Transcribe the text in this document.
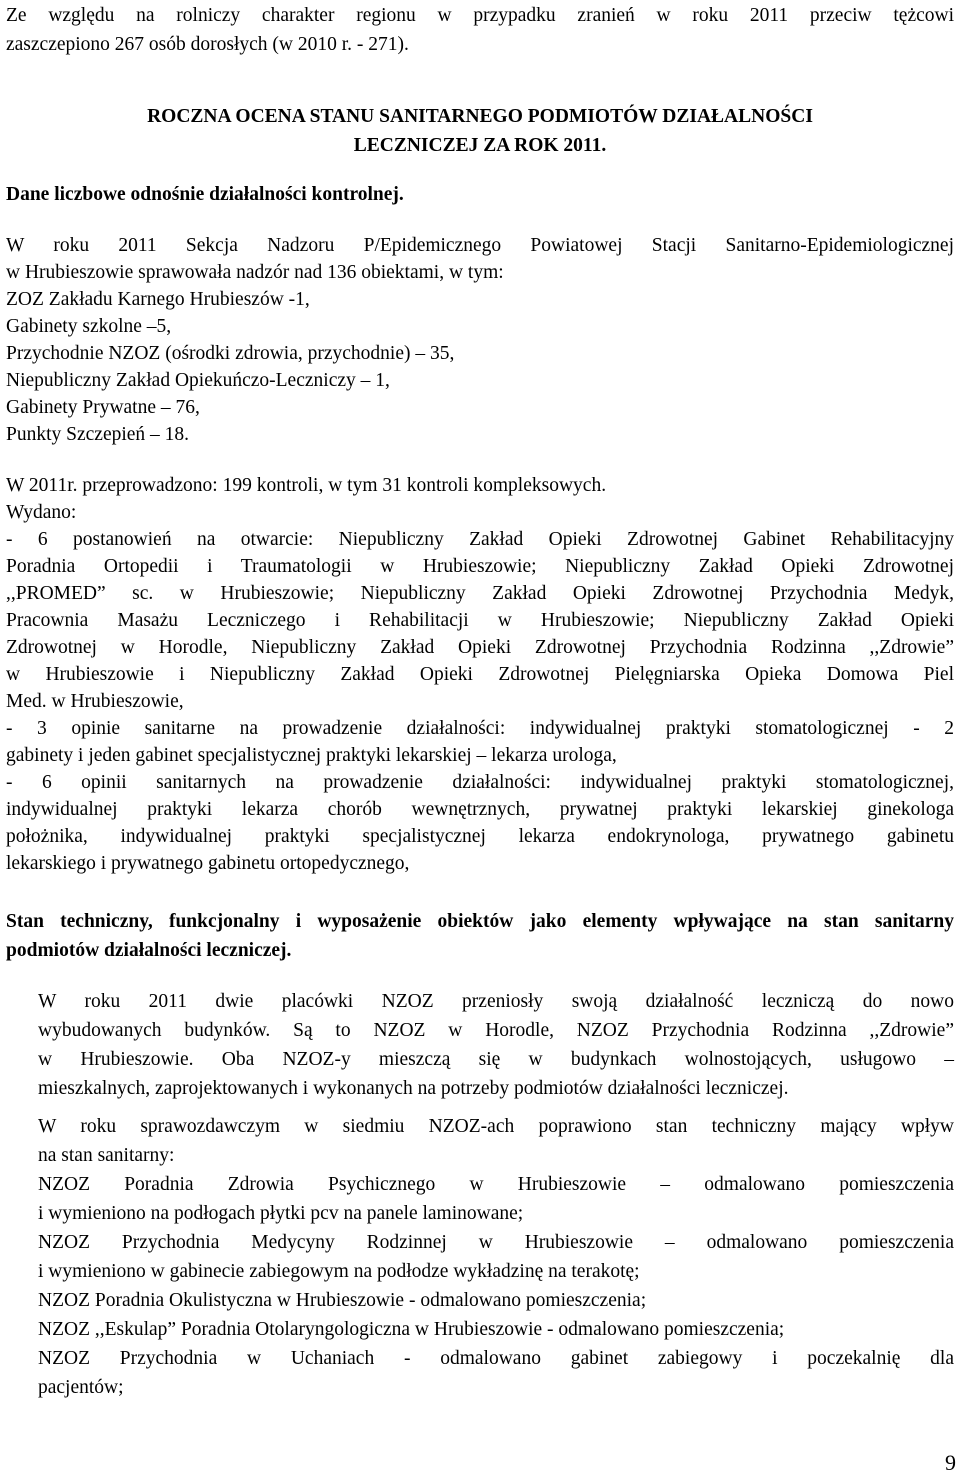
Ze względu na rolniczy charakter regionu w przypadku zranień w roku 2011 przeciw tężcowi
zaszczepiono 267 osób dorosłych (w 2010 r. - 271).
ROCZNA OCENA STANU SANITARNEGO PODMIOTÓW DZIAŁALNOŚCI
LECZNICZEJ ZA ROK 2011.
Dane liczbowe odnośnie działalności kontrolnej.
W roku 2011 Sekcja Nadzoru P/Epidemicznego Powiatowej Stacji Sanitarno-Epidemiologicznej
w Hrubieszowie sprawowała nadzór nad 136 obiektami, w tym:
ZOZ Zakładu Karnego Hrubieszów -1,
Gabinety szkolne –5,
Przychodnie NZOZ (ośrodki zdrowia, przychodnie) – 35,
Niepubliczny Zakład Opiekuńczo-Leczniczy – 1,
Gabinety Prywatne – 76,
Punkty Szczepień – 18.
W 2011r. przeprowadzono: 199 kontroli, w tym 31 kontroli kompleksowych.
Wydano:
- 6 postanowień na otwarcie: Niepubliczny Zakład Opieki Zdrowotnej Gabinet Rehabilitacyjny
Poradnia Ortopedii i Traumatologii w Hrubieszowie; Niepubliczny Zakład Opieki Zdrowotnej
,,PROMED” sc. w Hrubieszowie; Niepubliczny Zakład Opieki Zdrowotnej Przychodnia Medyk,
Pracownia Masażu Leczniczego i Rehabilitacji w Hrubieszowie; Niepubliczny Zakład Opieki
Zdrowotnej w Horodle, Niepubliczny Zakład Opieki Zdrowotnej Przychodnia Rodzinna ,,Zdrowie”
w Hrubieszowie i Niepubliczny Zakład Opieki Zdrowotnej Pielęgniarska Opieka Domowa Piel
Med. w Hrubieszowie,
- 3 opinie sanitarne na prowadzenie działalności: indywidualnej praktyki stomatologicznej - 2
gabinety i jeden gabinet specjalistycznej praktyki lekarskiej – lekarza urologa,
- 6 opinii sanitarnych na prowadzenie działalności: indywidualnej praktyki stomatologicznej,
indywidualnej praktyki lekarza chorób wewnętrznych, prywatnej praktyki lekarskiej ginekologa
położnika, indywidualnej praktyki specjalistycznej lekarza endokrynologa, prywatnego gabinetu
lekarskiego i prywatnego gabinetu ortopedycznego,
Stan techniczny, funkcjonalny i wyposażenie obiektów jako elementy wpływające na stan sanitarny
podmiotów działalności leczniczej.
W roku 2011 dwie placówki NZOZ przeniosły swoją działalność leczniczą do nowo
wybudowanych budynków. Są to NZOZ w Horodle, NZOZ Przychodnia Rodzinna ,,Zdrowie”
w Hrubieszowie. Oba NZOZ-y mieszczą się w budynkach wolnostojących, usługowo –
mieszkalnych, zaprojektowanych i wykonanych na potrzeby podmiotów działalności leczniczej.
W roku sprawozdawczym w siedmiu NZOZ-ach poprawiono stan techniczny mający wpływ
na stan sanitarny:
NZOZ Poradnia Zdrowia Psychicznego w Hrubieszowie – odmalowano pomieszczenia
i wymieniono na podłogach płytki pcv na panele laminowane;
NZOZ Przychodnia Medycyny Rodzinnej w Hrubieszowie – odmalowano pomieszczenia
i wymieniono w gabinecie zabiegowym na podłodze wykładzinę na terakotę;
NZOZ Poradnia Okulistyczna w Hrubieszowie - odmalowano pomieszczenia;
NZOZ ,,Eskulap” Poradnia Otolaryngologiczna w Hrubieszowie - odmalowano pomieszczenia;
NZOZ Przychodnia w Uchaniach - odmalowano gabinet zabiegowy i poczekalnię dla
pacjentów;
9
